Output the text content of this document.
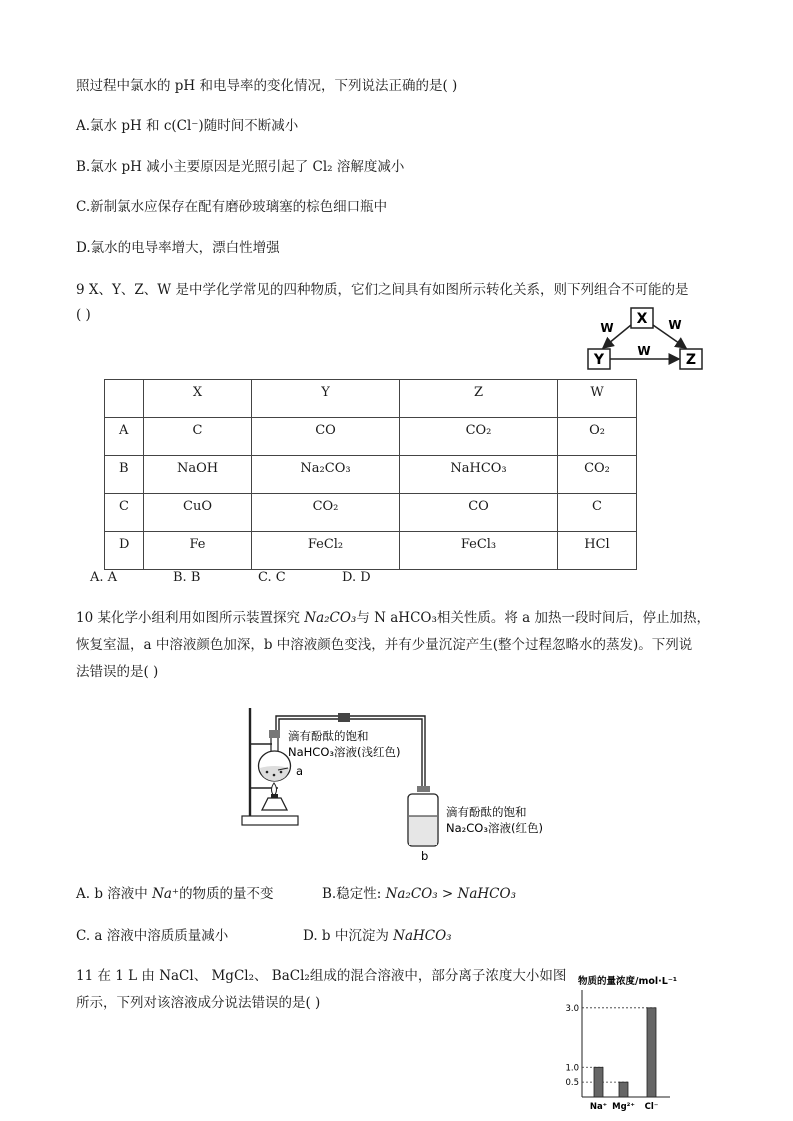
照过程中氯水的 pH 和电导率的变化情况，下列说法正确的是( )
A.氯水 pH 和 c(Cl⁻)随时间不断减小
B.氯水 pH 减小主要原因是光照引起了 Cl₂ 溶解度减小
C.新制氯水应保存在配有磨砂玻璃塞的棕色细口瓶中
D.氯水的电导率增大，漂白性增强
9 X、Y、Z、W 是中学化学常见的四种物质，它们之间具有如图所示转化关系，则下列组合不可能的是
( )	X
Y	Z
W	W
W
	X	Y	Z	W
A	C	CO	CO₂	O₂
B	NaOH	Na₂CO₃	NaHCO₃	CO₂
C	CuO	CO₂	CO	C
D	Fe	FeCl₂	FeCl₃	HCl
A. A	B. B	C. C	D. D
10 某化学小组利用如图所示装置探究 Na₂CO₃与 N aHCO₃相关性质。将 a 加热一段时间后，停止加热，
恢复室温，a 中溶液颜色加深，b 中溶液颜色变浅，并有少量沉淀产生(整个过程忽略水的蒸发)。下列说
法错误的是( )
滴有酚酞的饱和
NaHCO₃溶液(浅红色)
a
滴有酚酞的饱和
Na₂CO₃溶液(红色)
b
A. b 溶液中 Na⁺的物质的量不变	B.稳定性: Na₂CO₃ > NaHCO₃
C. a 溶液中溶质质量减小	D. b 中沉淀为 NaHCO₃
11 在 1 L 由 NaCl、 MgCl₂、 BaCl₂组成的混合溶液中，部分离子浓度大小如图
所示，下列对该溶液成分说法错误的是( )
物质的量浓度/mol·L⁻¹
3.0
1.0
0.5
Na⁺ Mg²⁺ Cl⁻
